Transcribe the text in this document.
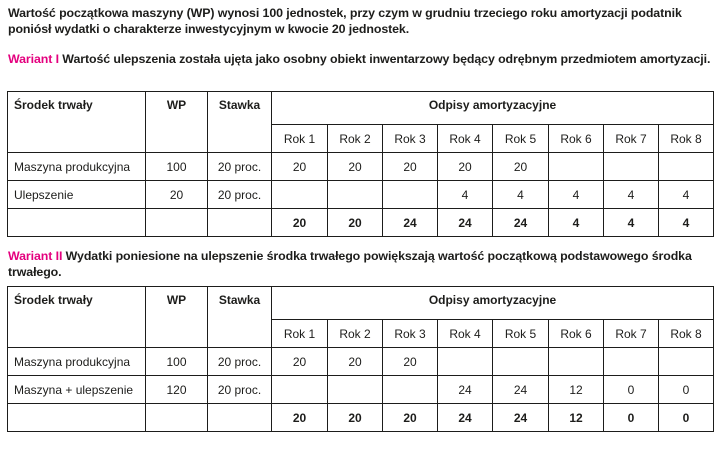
Wartość początkowa maszyny (WP) wynosi 100 jednostek, przy czym w grudniu trzeciego roku amortyzacji podatnik poniósł wydatki o charakterze inwestycyjnym w kwocie 20 jednostek.
Wariant I Wartość ulepszenia została ujęta jako osobny obiekt inwentarzowy będący odrębnym przedmiotem amortyzacji.
Środek trwały	WP	Stawka	Odpisy amortyzacyjne							
			Rok 1	Rok 2	Rok 3	Rok 4	Rok 5	Rok 6	Rok 7	Rok 8
Maszyna produkcyjna	100	20 proc.	20	20	20	20	20			
Ulepszenie	20	20 proc.				4	4	4	4	4
			20	20	24	24	24	4	4	4
Wariant II Wydatki poniesione na ulepszenie środka trwałego powiększają wartość początkową podstawowego środka trwałego.
Środek trwały	WP	Stawka	Odpisy amortyzacyjne							
			Rok 1	Rok 2	Rok 3	Rok 4	Rok 5	Rok 6	Rok 7	Rok 8
Maszyna produkcyjna	100	20 proc.	20	20	20					
Maszyna + ulepszenie	120	20 proc.				24	24	12	0	0
			20	20	20	24	24	12	0	0
